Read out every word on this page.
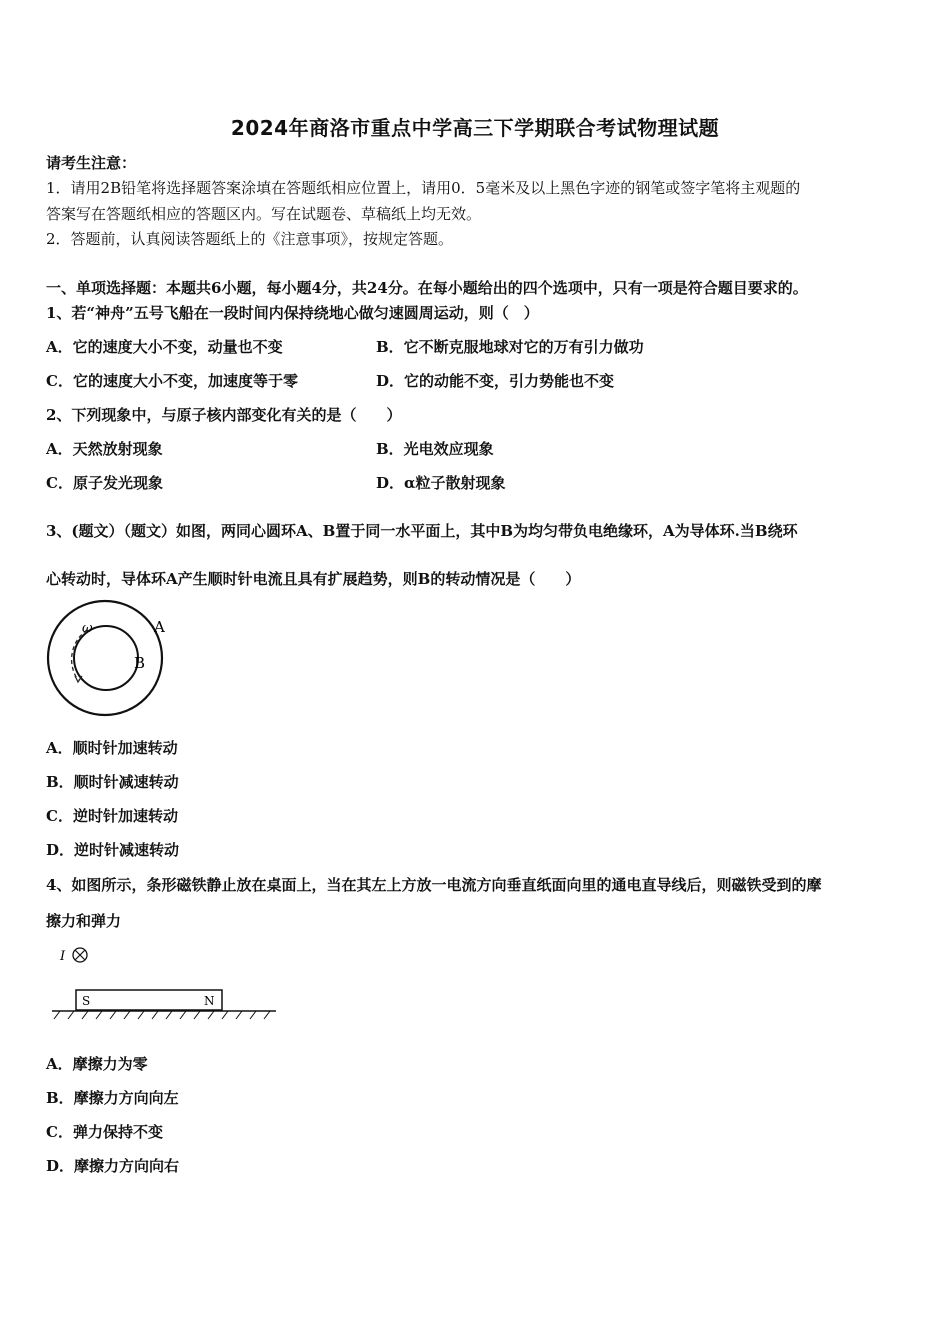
2024年商洛市重点中学高三下学期联合考试物理试题
请考生注意：
1．请用2B铅笔将选择题答案涂填在答题纸相应位置上，请用0．5毫米及以上黑色字迹的钢笔或签字笔将主观题的
答案写在答题纸相应的答题区内。写在试题卷、草稿纸上均无效。
2．答题前，认真阅读答题纸上的《注意事项》，按规定答题。
一、单项选择题：本题共6小题，每小题4分，共24分。在每小题给出的四个选项中，只有一项是符合题目要求的。
1、若“神舟”五号飞船在一段时间内保持绕地心做匀速圆周运动，则（　）
A．它的速度大小不变，动量也不变	B．它不断克服地球对它的万有引力做功
C．它的速度大小不变，加速度等于零	D．它的动能不变，引力势能也不变
2、下列现象中，与原子核内部变化有关的是（　　）
A．天然放射现象	B．光电效应现象
C．原子发光现象	D．α粒子散射现象
3、(题文）（题文）如图，两同心圆环A、B置于同一水平面上，其中B为均匀带负电绝缘环，A为导体环.当B绕环
心转动时，导体环A产生顺时针电流且具有扩展趋势，则B的转动情况是（　　）
ω	A
B
A．顺时针加速转动
B．顺时针减速转动
C．逆时针加速转动
D．逆时针减速转动
4、如图所示，条形磁铁静止放在桌面上，当在其左上方放一电流方向垂直纸面向里的通电直导线后，则磁铁受到的摩
擦力和弹力
I
S	N
A．摩擦力为零
B．摩擦力方向向左
C．弹力保持不变
D．摩擦力方向向右
